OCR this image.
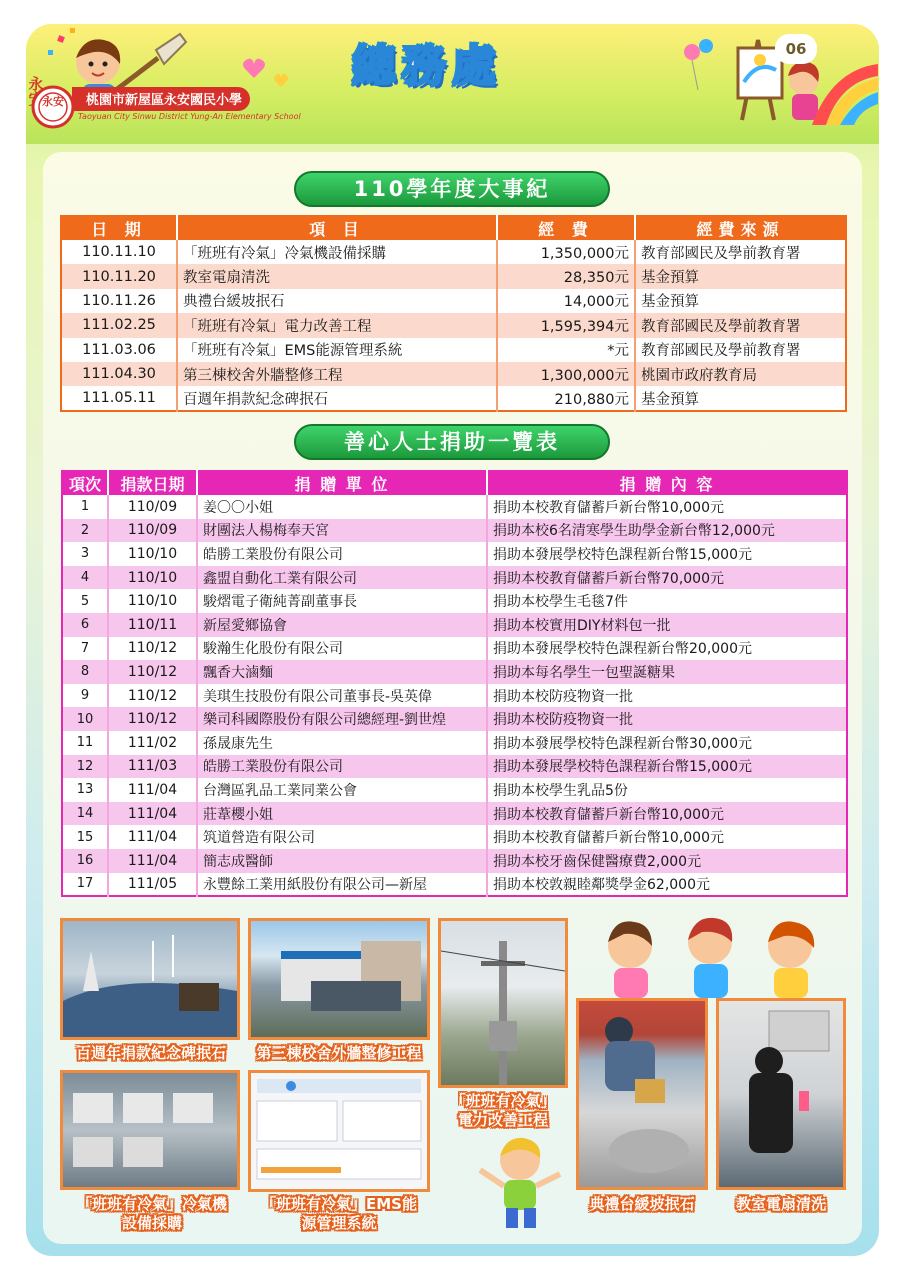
永安	桃園市新屋區永安國民小學
Taoyuan City Sinwu District Yung-An Elementary School
總務處	06
110學年度大事紀
日 期	項 目	經 費	經費來源
110.11.10	「班班有冷氣」冷氣機設備採購	1,350,000元	教育部國民及學前教育署
110.11.20	教室電扇清洗	28,350元	基金預算
110.11.26	典禮台緩坡抿石	14,000元	基金預算
111.02.25	「班班有冷氣」電力改善工程	1,595,394元	教育部國民及學前教育署
111.03.06	「班班有冷氣」EMS能源管理系統	*元	教育部國民及學前教育署
111.04.30	第三棟校舍外牆整修工程	1,300,000元	桃園市政府教育局
111.05.11	百週年捐款紀念碑抿石	210,880元	基金預算
善心人士捐助一覽表
項次	捐款日期	捐 贈 單 位	捐 贈 內 容
1	110/09	姜〇〇小姐	捐助本校教育儲蓄戶新台幣10,000元
2	110/09	財團法人楊梅奉天宮	捐助本校6名清寒學生助學金新台幣12,000元
3	110/10	皓勝工業股份有限公司	捐助本發展學校特色課程新台幣15,000元
4	110/10	鑫盟自動化工業有限公司	捐助本校教育儲蓄戶新台幣70,000元
5	110/10	駿熠電子衛純菁副董事長	捐助本校學生毛毯7件
6	110/11	新屋愛鄉協會	捐助本校實用DIY材料包一批
7	110/12	駿瀚生化股份有限公司	捐助本發展學校特色課程新台幣20,000元
8	110/12	飄香大滷麵	捐助本每名學生一包聖誕糖果
9	110/12	美琪生技股份有限公司董事長-吳英偉	捐助本校防疫物資一批
10	110/12	樂司科國際股份有限公司總經理-劉世煌	捐助本校防疫物資一批
11	111/02	孫晟康先生	捐助本發展學校特色課程新台幣30,000元
12	111/03	皓勝工業股份有限公司	捐助本發展學校特色課程新台幣15,000元
13	111/04	台灣區乳品工業同業公會	捐助本校學生乳品5份
14	111/04	莊葦櫻小姐	捐助本校教育儲蓄戶新台幣10,000元
15	111/04	筑道營造有限公司	捐助本校教育儲蓄戶新台幣10,000元
16	111/04	簡志成醫師	捐助本校牙齒保健醫療費2,000元
17	111/05	永豐餘工業用紙股份有限公司—新屋	捐助本校敦親睦鄰獎學金62,000元
百週年捐款紀念碑抿石	第三棟校舍外牆整修工程
「班班有冷氣」
電力改善工程
「班班有冷氣」冷氣機
設備採購
「班班有冷氣」EMS能
源管理系統
典禮台緩坡抿石	教室電扇清洗
